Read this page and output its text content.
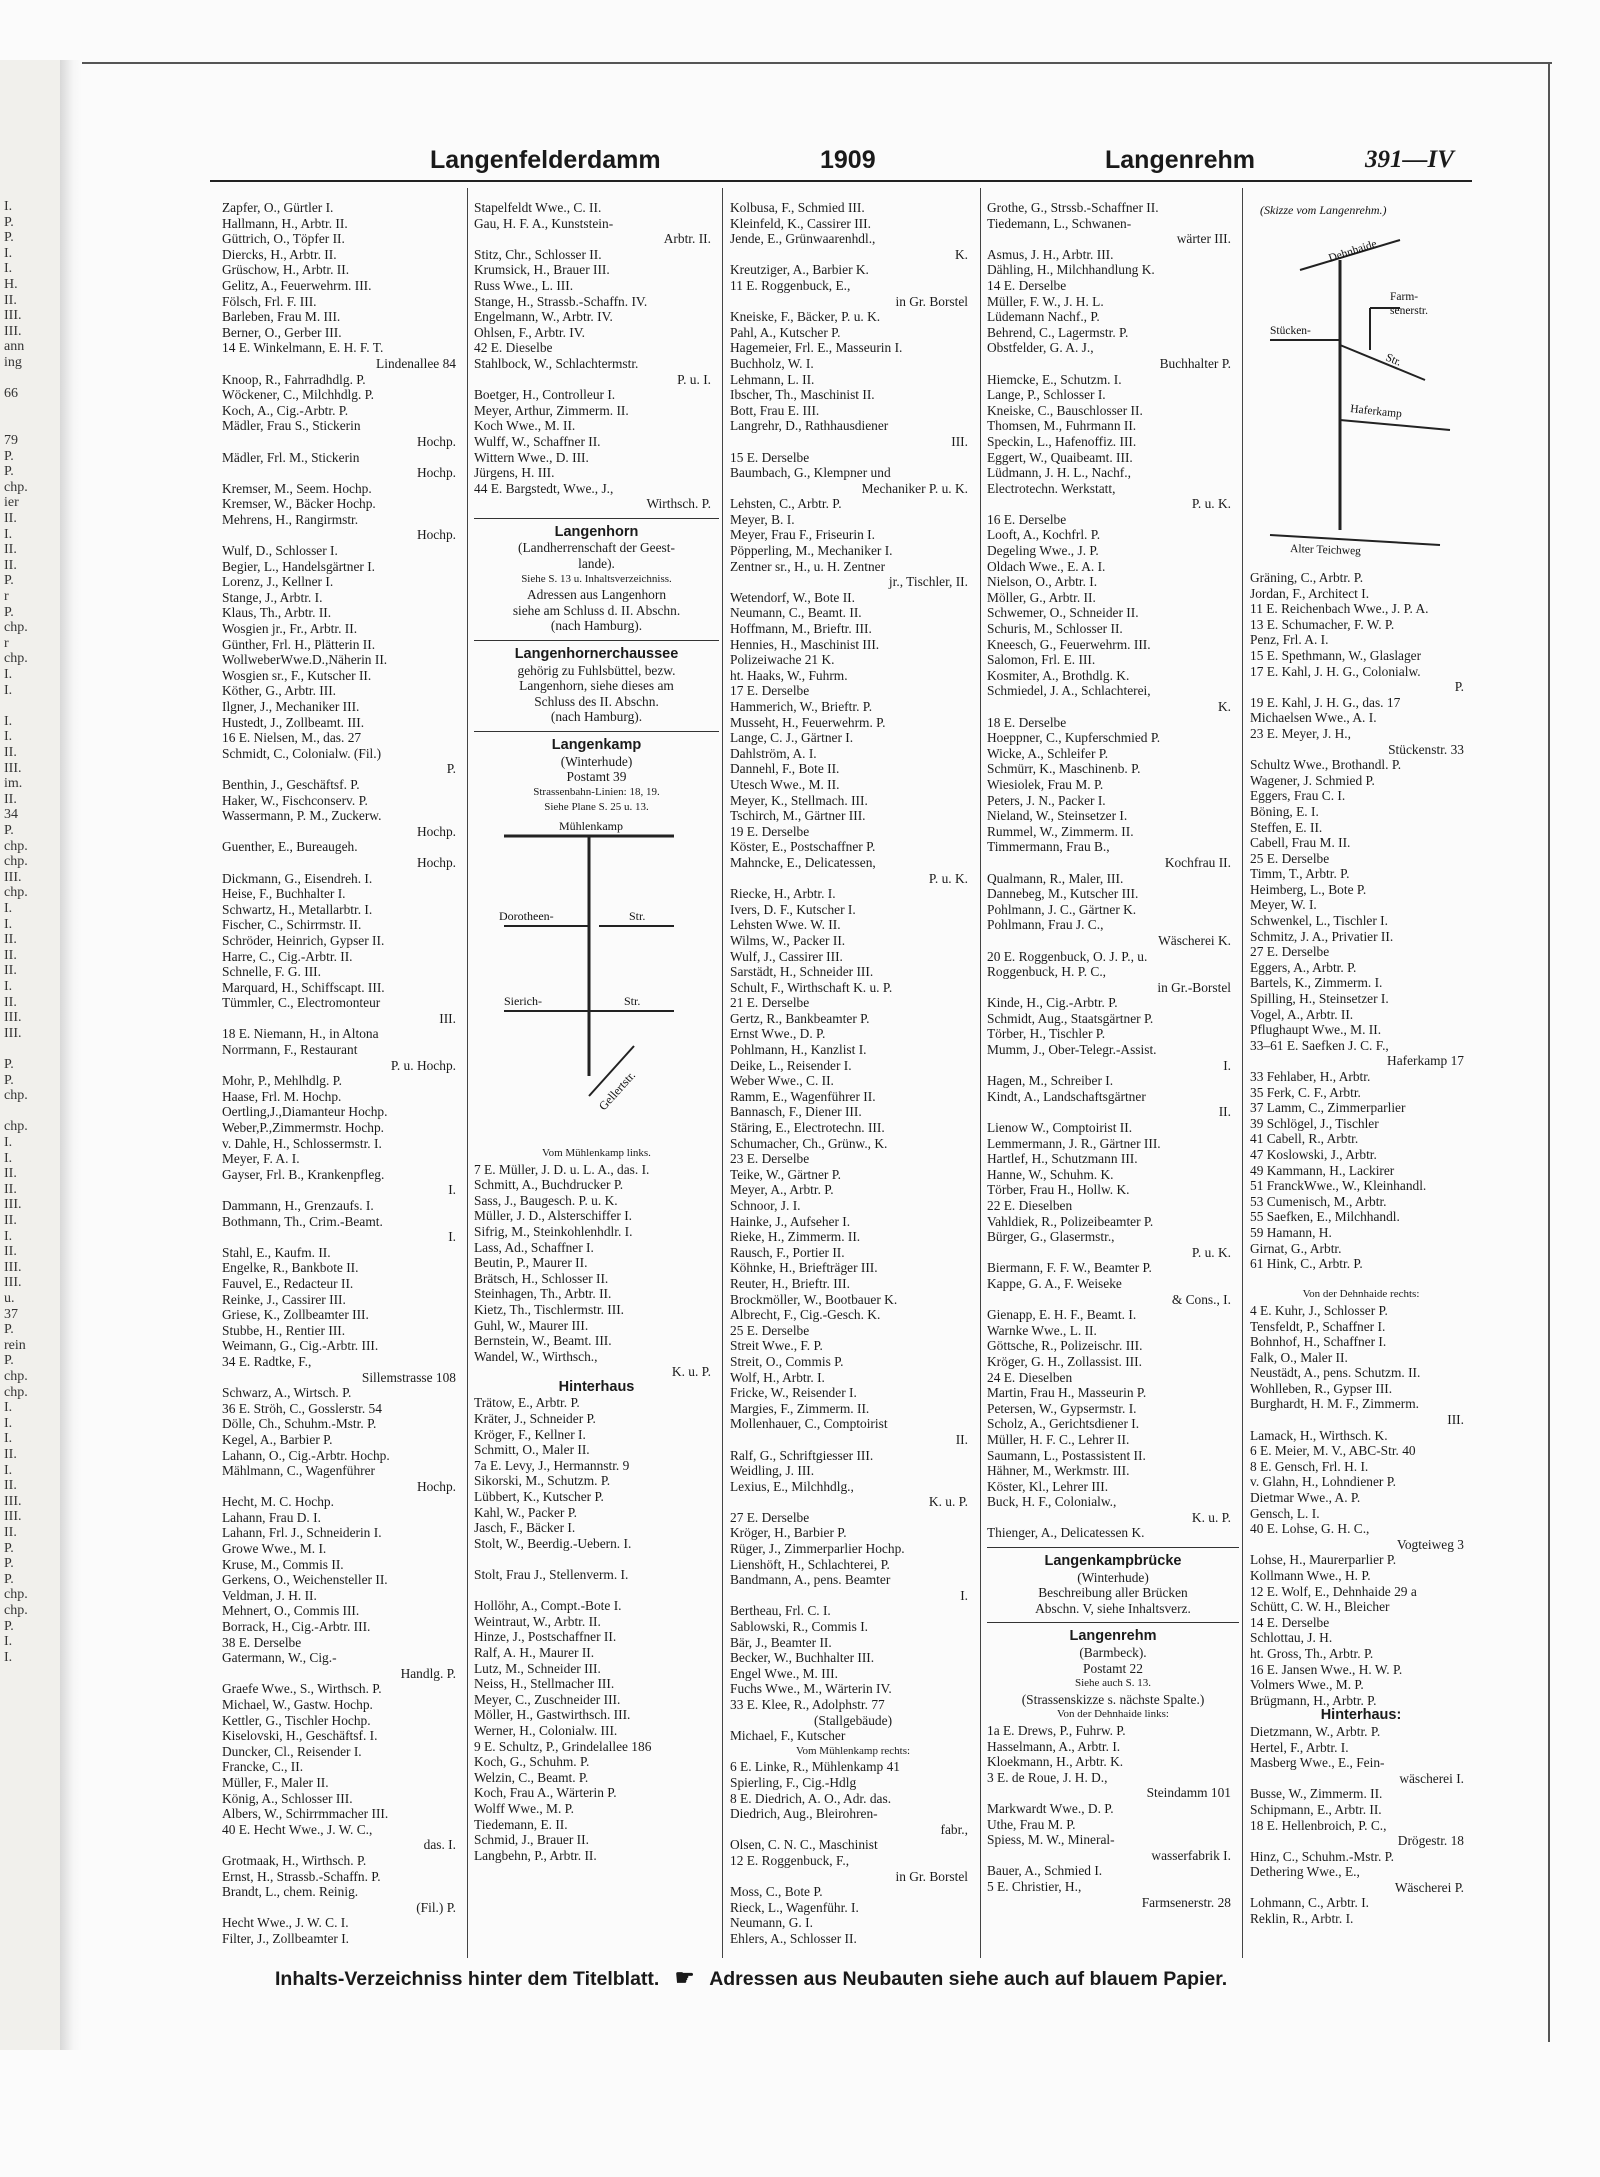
I.
P.
P.
I.
I.
H.
II.
III.
III.
ann
ing
66
79
P.
P.
chp.
ier
II.
I.
II.
II.
P.
r
P.
chp.
r
chp.
I.
I.
I.
I.
II.
III.
im.
II.
34
P.
chp.
chp.
III.
chp.
I.
I.
II.
II.
II.
I.
II.
III.
III.
P.
P.
chp.
chp.
I.
I.
II.
II.
III.
II.
I.
II.
III.
III.
u.
37
P.
rein
P.
chp.
chp.
I.
I.
I.
II.
I.
II.
III.
III.
II.
P.
P.
P.
chp.
chp.
P.
I.
I.
Langenfelderdamm	1909	Langenrehm	391—IV
Zapfer, O., Gürtler I.
Hallmann, H., Arbtr. II.
Güttrich, O., Töpfer II.
Diercks, H., Arbtr. II.
Grüschow, H., Arbtr. II.
Gelitz, A., Feuerwehrm. III.
Fölsch, Frl. F. III.
Barleben, Frau M. III.
Berner, O., Gerber III.
14 E. Winkelmann, E. H. F. T.
Lindenallee 84
Knoop, R., Fahrradhdlg. P.
Wöckener, C., Milchhdlg. P.
Koch, A., Cig.-Arbtr. P.
Mädler, Frau S., Stickerin
Hochp.
Mädler, Frl. M., Stickerin
Hochp.
Kremser, M., Seem. Hochp.
Kremser, W., Bäcker Hochp.
Mehrens, H., Rangirmstr.
Hochp.
Wulf, D., Schlosser I.
Begier, L., Handelsgärtner I.
Lorenz, J., Kellner I.
Stange, J., Arbtr. I.
Klaus, Th., Arbtr. II.
Wosgien jr., Fr., Arbtr. II.
Günther, Frl. H., Plätterin II.
WollweberWwe.D.,Näherin II.
Wosgien sr., F., Kutscher II.
Köther, G., Arbtr. III.
Ilgner, J., Mechaniker III.
Hustedt, J., Zollbeamt. III.
16 E. Nielsen, M., das. 27
Schmidt, C., Colonialw. (Fil.)
P.
Benthin, J., Geschäftsf. P.
Haker, W., Fischconserv. P.
Wassermann, P. M., Zuckerw.
Hochp.
Guenther, E., Bureaugeh.
Hochp.
Dickmann, G., Eisendreh. I.
Heise, F., Buchhalter I.
Schwartz, H., Metallarbtr. I.
Fischer, C., Schirrmstr. II.
Schröder, Heinrich, Gypser II.
Harre, C., Cig.-Arbtr. II.
Schnelle, F. G. III.
Marquard, H., Schiffscapt. III.
Tümmler, C., Electromonteur
III.
18 E. Niemann, H., in Altona
Norrmann, F., Restaurant
P. u. Hochp.
Mohr, P., Mehlhdlg. P.
Haase, Frl. M. Hochp.
Oertling,J.,Diamanteur Hochp.
Weber,P.,Zimmermstr. Hochp.
v. Dahle, H., Schlossermstr. I.
Meyer, F. A. I.
Gayser, Frl. B., Krankenpfleg.
I.
Dammann, H., Grenzaufs. I.
Bothmann, Th., Crim.-Beamt.
I.
Stahl, E., Kaufm. II.
Engelke, R., Bankbote II.
Fauvel, E., Redacteur II.
Reinke, J., Cassirer III.
Griese, K., Zollbeamter III.
Stubbe, H., Rentier III.
Weimann, G., Cig.-Arbtr. III.
34 E. Radtke, F.,
Sillemstrasse 108
Schwarz, A., Wirtsch. P.
36 E. Ströh, C., Gosslerstr. 54
Dölle, Ch., Schuhm.-Mstr. P.
Kegel, A., Barbier P.
Lahann, O., Cig.-Arbtr. Hochp.
Mählmann, C., Wagenführer
Hochp.
Hecht, M. C. Hochp.
Lahann, Frau D. I.
Lahann, Frl. J., Schneiderin I.
Growe Wwe., M. I.
Kruse, M., Commis II.
Gerkens, O., Weichensteller II.
Veldman, J. H. II.
Mehnert, O., Commis III.
Borrack, H., Cig.-Arbtr. III.
38 E. Derselbe
Gatermann, W., Cig.-
Handlg. P.
Graefe Wwe., S., Wirthsch. P.
Michael, W., Gastw. Hochp.
Kettler, G., Tischler Hochp.
Kiselovski, H., Geschäftsf. I.
Duncker, Cl., Reisender I.
Francke, C., II.
Müller, F., Maler II.
König, A., Schlosser III.
Albers, W., Schirrmmacher III.
40 E. Hecht Wwe., J. W. C.,
das. I.
Grotmaak, H., Wirthsch. P.
Ernst, H., Strassb.-Schaffn. P.
Brandt, L., chem. Reinig.
(Fil.) P.
Hecht Wwe., J. W. C. I.
Filter, J., Zollbeamter I.
Stapelfeldt Wwe., C. II.
Gau, H. F. A., Kunststein-
Arbtr. II.
Stitz, Chr., Schlosser II.
Krumsick, H., Brauer III.
Russ Wwe., L. III.
Stange, H., Strassb.-Schaffn. IV.
Engelmann, W., Arbtr. IV.
Ohlsen, F., Arbtr. IV.
42 E. Dieselbe
Stahlbock, W., Schlachtermstr.
P. u. I.
Boetger, H., Controlleur I.
Meyer, Arthur, Zimmerm. II.
Koch Wwe., M. II.
Wulff, W., Schaffner II.
Wittern Wwe., D. III.
Jürgens, H. III.
44 E. Bargstedt, Wwe., J.,
Wirthsch. P.
Langenhorn
(Landherrenschaft der Geest-
lande).
Siehe S. 13 u. Inhaltsverzeichniss.
Adressen aus Langenhorn
siehe am Schluss d. II. Abschn.
(nach Hamburg).
Langenhornerchaussee
gehörig zu Fuhlsbüttel, bezw.
Langenhorn, siehe dieses am
Schluss des II. Abschn.
(nach Hamburg).
Langenkamp
(Winterhude)
Postamt 39
Strassenbahn-Linien: 18, 19.
Siehe Plane S. 25 u. 13.
Mühlenkamp
Dorotheen-	Str.
Sierich-	Str.
Gellertstr.
Vom Mühlenkamp links.
7 E. Müller, J. D. u. L. A., das. I.
Schmitt, A., Buchdrucker P.
Sass, J., Baugesch. P. u. K.
Müller, J. D., Alsterschiffer I.
Sifrig, M., Steinkohlenhdlr. I.
Lass, Ad., Schaffner I.
Beutin, P., Maurer II.
Brätsch, H., Schlosser II.
Steinhagen, Th., Arbtr. II.
Kietz, Th., Tischlermstr. III.
Guhl, W., Maurer III.
Bernstein, W., Beamt. III.
Wandel, W., Wirthsch.,
K. u. P.
Hinterhaus
Trätow, E., Arbtr. P.
Kräter, J., Schneider P.
Kröger, F., Kellner I.
Schmitt, O., Maler II.
7a E. Levy, J., Hermannstr. 9
Sikorski, M., Schutzm. P.
Lübbert, K., Kutscher P.
Kahl, W., Packer P.
Jasch, F., Bäcker I.
Stolt, W., Beerdig.-Uebern. I.
Stolt, Frau J., Stellenverm. I.
Hollöhr, A., Compt.-Bote I.
Weintraut, W., Arbtr. II.
Hinze, J., Postschaffner II.
Ralf, A. H., Maurer II.
Lutz, M., Schneider III.
Neiss, H., Stellmacher III.
Meyer, C., Zuschneider III.
Möller, H., Gastwirthsch. III.
Werner, H., Colonialw. III.
9 E. Schultz, P., Grindelallee 186
Koch, G., Schuhm. P.
Welzin, C., Beamt. P.
Koch, Frau A., Wärterin P.
Wolff Wwe., M. P.
Tiedemann, E. II.
Schmid, J., Brauer II.
Langbehn, P., Arbtr. II.
Kolbusa, F., Schmied III.
Kleinfeld, K., Cassirer III.
Jende, E., Grünwaarenhdl.,
K.
Kreutziger, A., Barbier K.
11 E. Roggenbuck, E.,
in Gr. Borstel
Kneiske, F., Bäcker, P. u. K.
Pahl, A., Kutscher P.
Hagemeier, Frl. E., Masseurin I.
Buchholz, W. I.
Lehmann, L. II.
Ibscher, Th., Maschinist II.
Bott, Frau E. III.
Langrehr, D., Rathhausdiener
III.
15 E. Derselbe
Baumbach, G., Klempner und
Mechaniker P. u. K.
Lehsten, C., Arbtr. P.
Meyer, B. I.
Meyer, Frau F., Friseurin I.
Pöpperling, M., Mechaniker I.
Zentner sr., H., u. H. Zentner
jr., Tischler, II.
Wetendorf, W., Bote II.
Neumann, C., Beamt. II.
Hoffmann, M., Brieftr. III.
Hennies, H., Maschinist III.
Polizeiwache 21 K.
ht. Haaks, W., Fuhrm.
17 E. Derselbe
Hammerich, W., Brieftr. P.
Musseht, H., Feuerwehrm. P.
Lange, C. J., Gärtner I.
Dahlström, A. I.
Dannehl, F., Bote II.
Utesch Wwe., M. II.
Meyer, K., Stellmach. III.
Tschirch, M., Gärtner III.
19 E. Derselbe
Köster, E., Postschaffner P.
Mahncke, E., Delicatessen,
P. u. K.
Riecke, H., Arbtr. I.
Ivers, D. F., Kutscher I.
Lehsten Wwe. W. II.
Wilms, W., Packer II.
Wulf, J., Cassirer III.
Sarstädt, H., Schneider III.
Schult, F., Wirthschaft K. u. P.
21 E. Derselbe
Gertz, R., Bankbeamter P.
Ernst Wwe., D. P.
Pohlmann, H., Kanzlist I.
Deike, L., Reisender I.
Weber Wwe., C. II.
Ramm, E., Wagenführer II.
Bannasch, F., Diener III.
Stäring, E., Electrotechn. III.
Schumacher, Ch., Grünw., K.
23 E. Derselbe
Teike, W., Gärtner P.
Meyer, A., Arbtr. P.
Schnoor, J. I.
Hainke, J., Aufseher I.
Rieke, H., Zimmerm. II.
Rausch, F., Portier II.
Köhnke, H., Briefträger III.
Reuter, H., Brieftr. III.
Brockmöller, W., Bootbauer K.
Albrecht, F., Cig.-Gesch. K.
25 E. Derselbe
Streit Wwe., F. P.
Streit, O., Commis P.
Wolf, H., Arbtr. I.
Fricke, W., Reisender I.
Margies, F., Zimmerm. II.
Mollenhauer, C., Comptoirist
II.
Ralf, G., Schriftgiesser III.
Weidling, J. III.
Lexius, E., Milchhdlg.,
K. u. P.
27 E. Derselbe
Kröger, H., Barbier P.
Rüger, J., Zimmerparlier Hochp.
Lienshöft, H., Schlachterei, P.
Bandmann, A., pens. Beamter
I.
Bertheau, Frl. C. I.
Sablowski, R., Commis I.
Bär, J., Beamter II.
Becker, W., Buchhalter III.
Engel Wwe., M. III.
Fuchs Wwe., M., Wärterin IV.
33 E. Klee, R., Adolphstr. 77
(Stallgebäude)
Michael, F., Kutscher
Vom Mühlenkamp rechts:
6 E. Linke, R., Mühlenkamp 41
Spierling, F., Cig.-Hdlg
8 E. Diedrich, A. O., Adr. das.
Diedrich, Aug., Bleirohren-
fabr.,
Olsen, C. N. C., Maschinist
12 E. Roggenbuck, F.,
in Gr. Borstel
Moss, C., Bote P.
Rieck, L., Wagenführ. I.
Neumann, G. I.
Ehlers, A., Schlosser II.
Grothe, G., Strssb.-Schaffner II.
Tiedemann, L., Schwanen-
wärter III.
Asmus, J. H., Arbtr. III.
Dähling, H., Milchhandlung K.
14 E. Derselbe
Müller, F. W., J. H. L.
Lüdemann Nachf., P.
Behrend, C., Lagermstr. P.
Obstfelder, G. A. J.,
Buchhalter P.
Hiemcke, E., Schutzm. I.
Lange, P., Schlosser I.
Kneiske, C., Bauschlosser II.
Thomsen, M., Fuhrmann II.
Speckin, L., Hafenoffiz. III.
Eggert, W., Quaibeamt. III.
Lüdmann, J. H. L., Nachf.,
Electrotechn. Werkstatt,
P. u. K.
16 E. Derselbe
Looft, A., Kochfrl. P.
Degeling Wwe., J. P.
Oldach Wwe., E. A. I.
Nielson, O., Arbtr. I.
Möller, G., Arbtr. II.
Schwemer, O., Schneider II.
Schuris, M., Schlosser II.
Kneesch, G., Feuerwehrm. III.
Salomon, Frl. E. III.
Kosmiter, A., Brothdlg. K.
Schmiedel, J. A., Schlachterei,
K.
18 E. Derselbe
Hoeppner, C., Kupferschmied P.
Wicke, A., Schleifer P.
Schmürr, K., Maschinenb. P.
Wiesiolek, Frau M. P.
Peters, J. N., Packer I.
Nieland, W., Steinsetzer I.
Rummel, W., Zimmerm. II.
Timmermann, Frau B.,
Kochfrau II.
Qualmann, R., Maler, III.
Dannebeg, M., Kutscher III.
Pohlmann, J. C., Gärtner K.
Pohlmann, Frau J. C.,
Wäscherei K.
20 E. Roggenbuck, O. J. P., u.
Roggenbuck, H. P. C.,
in Gr.-Borstel
Kinde, H., Cig.-Arbtr. P.
Schmidt, Aug., Staatsgärtner P.
Törber, H., Tischler P.
Mumm, J., Ober-Telegr.-Assist.
I.
Hagen, M., Schreiber I.
Kindt, A., Landschaftsgärtner
II.
Lienow W., Comptoirist II.
Lemmermann, J. R., Gärtner III.
Hartlef, H., Schutzmann III.
Hanne, W., Schuhm. K.
Törber, Frau H., Hollw. K.
22 E. Dieselben
Vahldiek, R., Polizeibeamter P.
Bürger, G., Glasermstr.,
P. u. K.
Biermann, F. F. W., Beamter P.
Kappe, G. A., F. Weiseke
& Cons., I.
Gienapp, E. H. F., Beamt. I.
Warnke Wwe., L. II.
Göttsche, R., Polizeischr. III.
Kröger, G. H., Zollassist. III.
24 E. Dieselben
Martin, Frau H., Masseurin P.
Petersen, W., Gypsermstr. I.
Scholz, A., Gerichtsdiener I.
Müller, H. F. C., Lehrer II.
Saumann, L., Postassistent II.
Hähner, M., Werkmstr. III.
Köster, Kl., Lehrer III.
Buck, H. F., Colonialw.,
K. u. P.
Thienger, A., Delicatessen K.
Langenkampbrücke
(Winterhude)
Beschreibung aller Brücken
Abschn. V, siehe Inhaltsverz.
Langenrehm
(Barmbeck).
Postamt 22
Siehe auch S. 13.
(Strassenskizze s. nächste Spalte.)
Von der Dehnhaide links:
1a E. Drews, P., Fuhrw. P.
Hasselmann, A., Arbtr. I.
Kloekmann, H., Arbtr. K.
3 E. de Roue, J. H. D.,
Steindamm 101
Markwardt Wwe., D. P.
Uthe, Frau M. P.
Spiess, M. W., Mineral-
wasserfabrik I.
Bauer, A., Schmied I.
5 E. Christier, H.,
Farmsenerstr. 28
(Skizze vom Langenrehm.)
Dehnhaide
Farm-
senerstr.
Stücken-
Str.
Haferkamp
Alter Teichweg
Gräning, C., Arbtr. P.
Jordan, F., Architect I.
11 E. Reichenbach Wwe., J. P. A.
13 E. Schumacher, F. W. P.
Penz, Frl. A. I.
15 E. Spethmann, W., Glaslager
17 E. Kahl, J. H. G., Colonialw.
P.
19 E. Kahl, J. H. G., das. 17
Michaelsen Wwe., A. I.
23 E. Meyer, J. H.,
Stückenstr. 33
Schultz Wwe., Brothandl. P.
Wagener, J. Schmied P.
Eggers, Frau C. I.
Böning, E. I.
Steffen, E. II.
Cabell, Frau M. II.
25 E. Derselbe
Timm, T., Arbtr. P.
Heimberg, L., Bote P.
Meyer, W. I.
Schwenkel, L., Tischler I.
Schmitz, J. A., Privatier II.
27 E. Derselbe
Eggers, A., Arbtr. P.
Bartels, K., Zimmerm. I.
Spilling, H., Steinsetzer I.
Vogel, A., Arbtr. II.
Pflughaupt Wwe., M. II.
33–61 E. Saefken J. C. F.,
Haferkamp 17
33 Fehlaber, H., Arbtr.
35 Ferk, C. F., Arbtr.
37 Lamm, C., Zimmerparlier
39 Schlögel, J., Tischler
41 Cabell, R., Arbtr.
47 Koslowski, J., Arbtr.
49 Kammann, H., Lackirer
51 FranckWwe., W., Kleinhandl.
53 Cumenisch, M., Arbtr.
55 Saefken, E., Milchhandl.
59 Hamann, H.
Girnat, G., Arbtr.
61 Hink, C., Arbtr. P.
Von der Dehnhaide rechts:
4 E. Kuhr, J., Schlosser P.
Tensfeldt, P., Schaffner I.
Bohnhof, H., Schaffner I.
Falk, O., Maler II.
Neustädt, A., pens. Schutzm. II.
Wohlleben, R., Gypser III.
Burghardt, H. M. F., Zimmerm.
III.
Lamack, H., Wirthsch. K.
6 E. Meier, M. V., ABC-Str. 40
8 E. Gensch, Frl. H. I.
v. Glahn, H., Lohndiener P.
Dietmar Wwe., A. P.
Gensch, L. I.
40 E. Lohse, G. H. C.,
Vogteiweg 3
Lohse, H., Maurerparlier P.
Kollmann Wwe., H. P.
12 E. Wolf, E., Dehnhaide 29 a
Schütt, C. W. H., Bleicher
14 E. Derselbe
Schlottau, J. H.
ht. Gross, Th., Arbtr. P.
16 E. Jansen Wwe., H. W. P.
Volmers Wwe., M. P.
Brügmann, H., Arbtr. P.
Hinterhaus:
Dietzmann, W., Arbtr. P.
Hertel, F., Arbtr. I.
Masberg Wwe., E., Fein-
wäscherei I.
Busse, W., Zimmerm. II.
Schipmann, E., Arbtr. II.
18 E. Hellenbroich, P. C.,
Drögestr. 18
Hinz, C., Schuhm.-Mstr. P.
Dethering Wwe., E.,
Wäscherei P.
Lohmann, C., Arbtr. I.
Reklin, R., Arbtr. I.
Inhalts-Verzeichniss hinter dem Titelblatt. ☛ Adressen aus Neubauten siehe auch auf blauem Papier.
